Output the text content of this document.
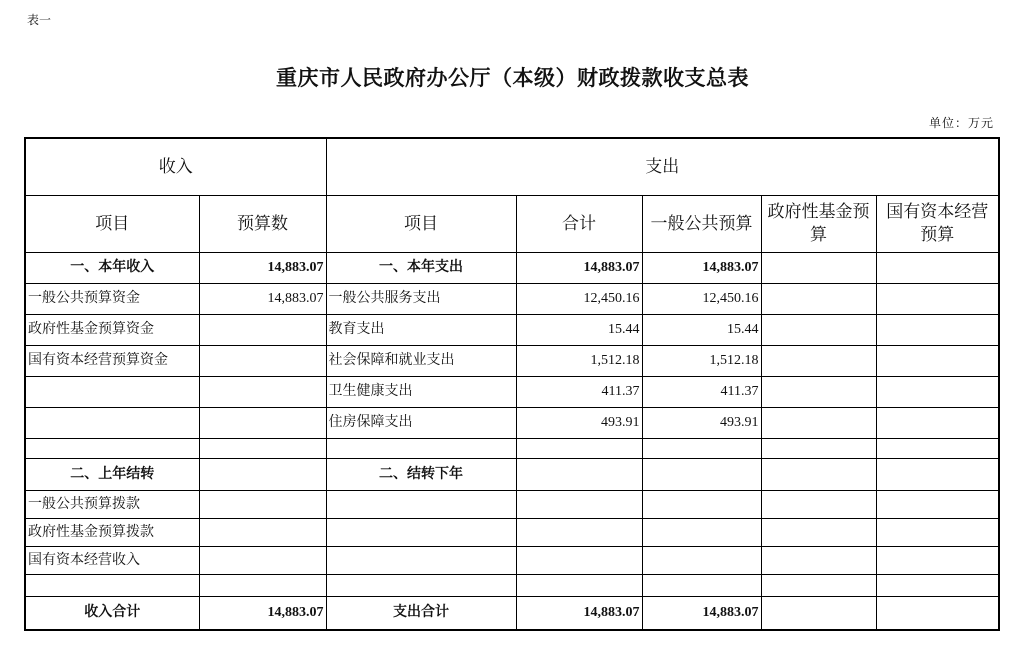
表一
重庆市人民政府办公厅（本级）财政拨款收支总表
单位：万元
收入		支出				
项目	预算数	项目	合计	一般公共预算	政府性基金预算	国有资本经营预算
一、本年收入	14,883.07	一、本年支出	14,883.07	14,883.07		
一般公共预算资金	14,883.07	一般公共服务支出	12,450.16	12,450.16		
政府性基金预算资金		教育支出	15.44	15.44		
国有资本经营预算资金		社会保障和就业支出	1,512.18	1,512.18		
		卫生健康支出	411.37	411.37		
		住房保障支出	493.91	493.91		

二、上年结转		二、结转下年				
一般公共预算拨款						
政府性基金预算拨款						
国有资本经营收入						

收入合计	14,883.07	支出合计	14,883.07	14,883.07		
